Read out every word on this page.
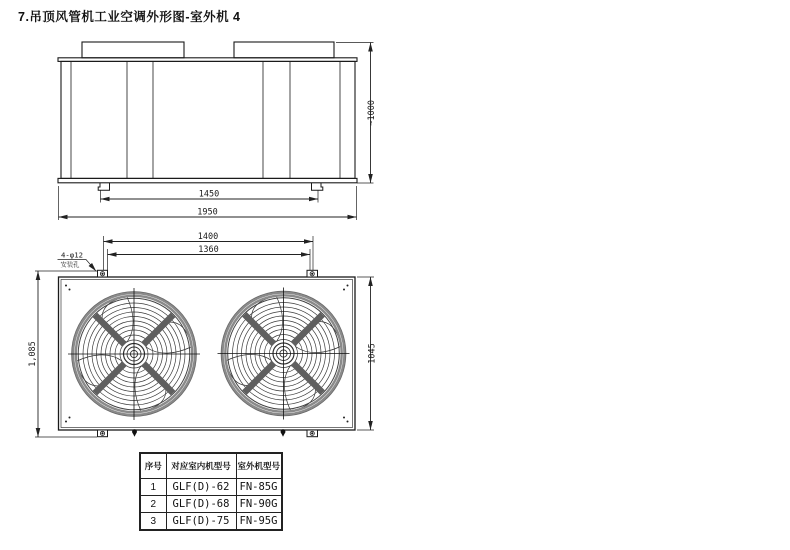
7.吊顶风管机工业空调外形图-室外机 4
1450
1950
~1000
1400
1360
1,085	1045
4-φ12
安装孔
序号	对应室内机型号	室外机型号
1	GLF(D)-62	FN-85G
2	GLF(D)-68	FN-90G
3	GLF(D)-75	FN-95G
